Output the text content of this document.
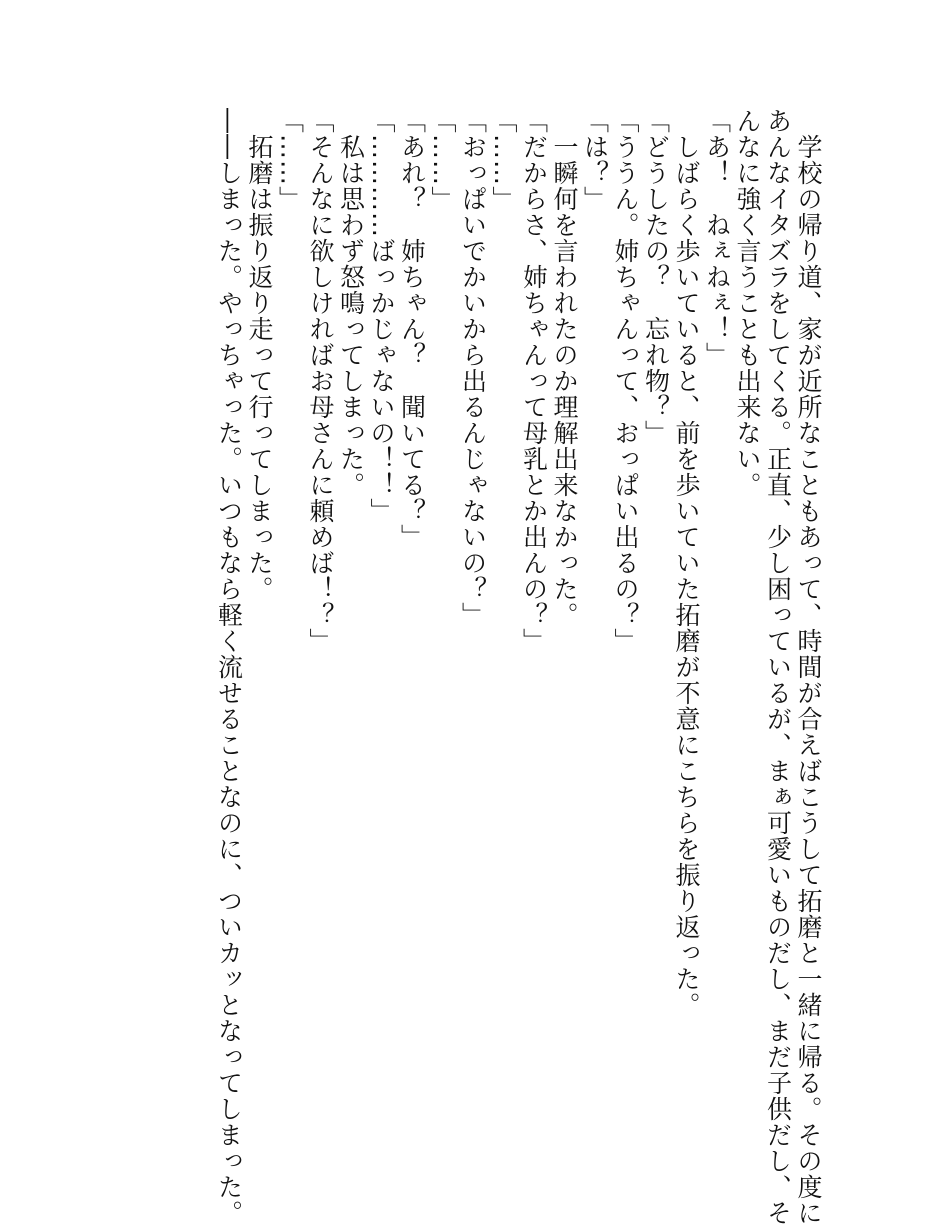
　学校の帰り道、家が近所なこともあって、時間が合えばこうして拓磨と一緒に帰る。その度に
あんなイタズラをしてくる。正直、少し困っているが、まぁ可愛いものだし、まだ子供だし、そ
んなに強く言うことも出来ない。
「あ！　ねぇねぇ！」
　しばらく歩いていると、前を歩いていた拓磨が不意にこちらを振り返った。
「どうしたの？　忘れ物？」
「ううん。姉ちゃんって、おっぱい出るの？」
「は？」
　一瞬何を言われたのか理解出来なかった。
「だからさ、姉ちゃんって母乳とか出んの？」
「……」
「おっぱいでかいから出るんじゃないの？」
「……」
「あれ？　姉ちゃん？　聞いてる？」
「…………ばっかじゃないの！！」
　私は思わず怒鳴ってしまった。
「そんなに欲しければお母さんに頼めば！？」
「……」
　拓磨は振り返り走って行ってしまった。
――しまった。やっちゃった。いつもなら軽く流せることなのに、ついカッとなってしまった。
